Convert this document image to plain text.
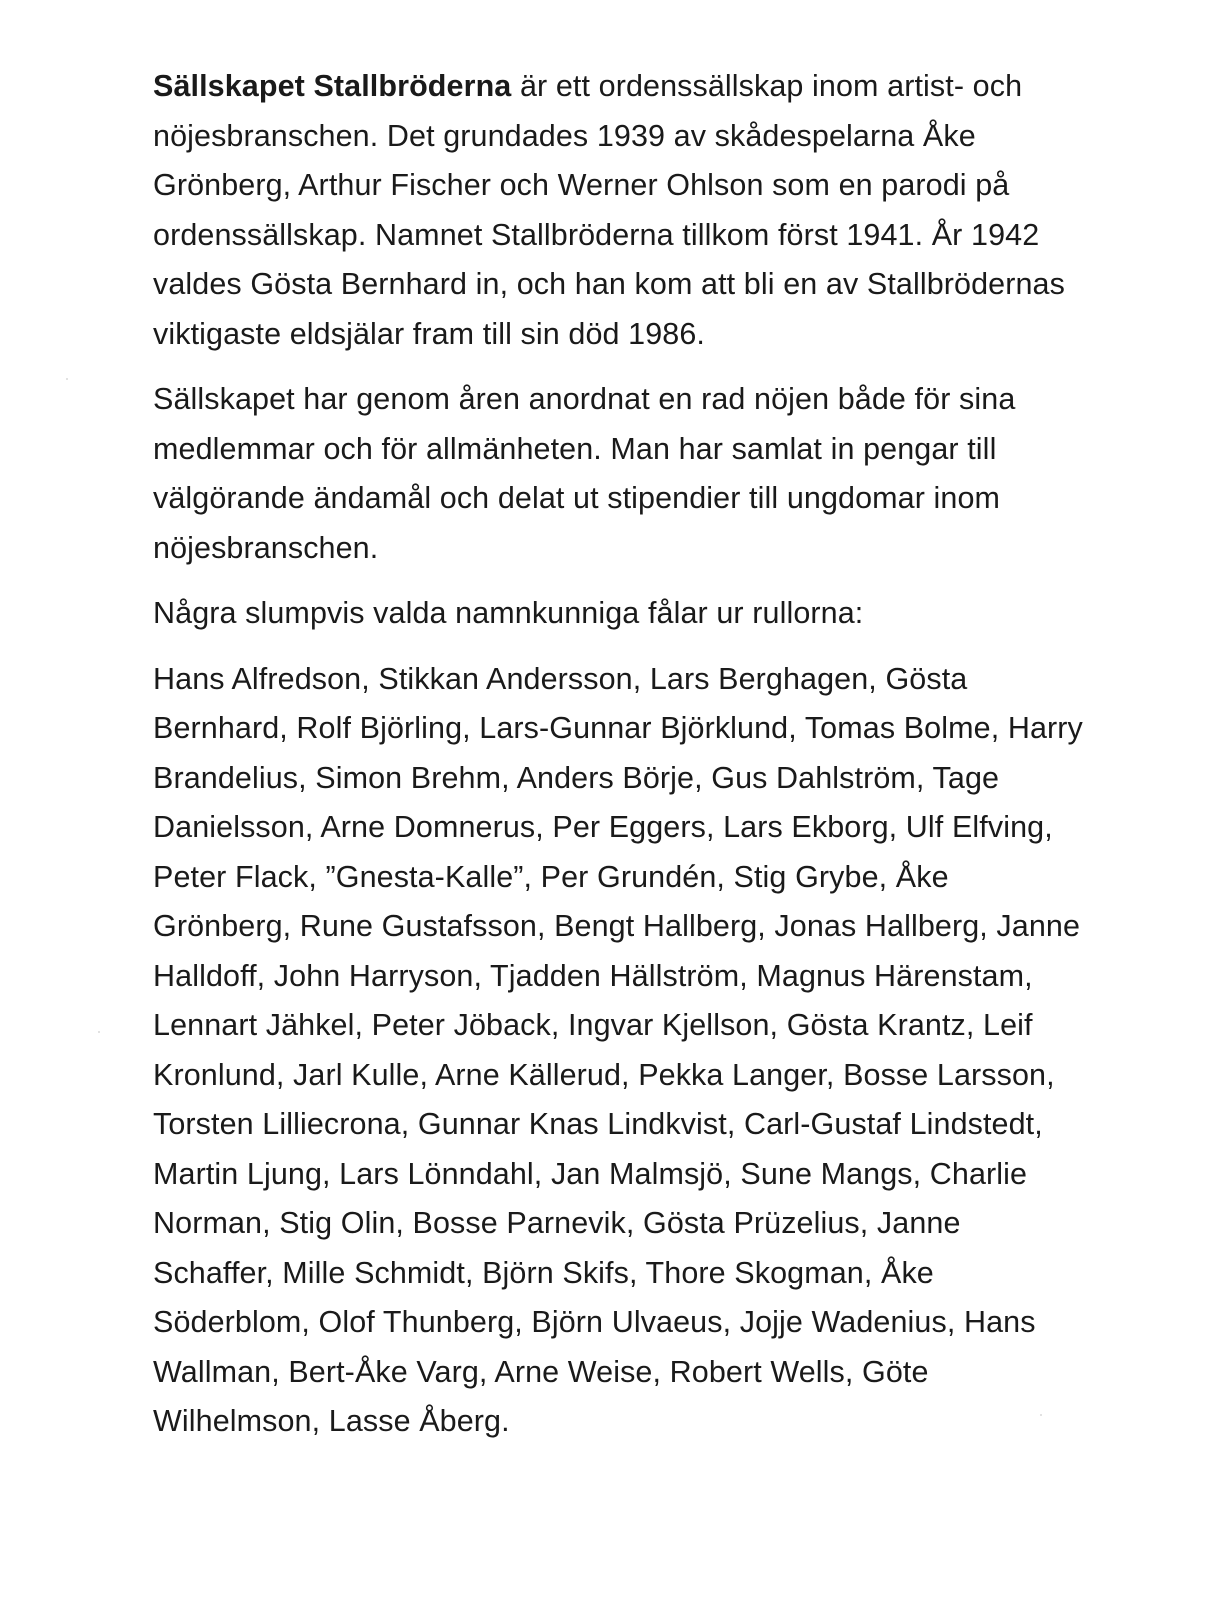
Sällskapet Stallbröderna är ett ordenssällskap inom artist- och nöjesbranschen. Det grundades 1939 av skådespelarna Åke Grönberg, Arthur Fischer och Werner Ohlson som en parodi på ordenssällskap. Namnet Stallbröderna tillkom först 1941. År 1942 valdes Gösta Bernhard in, och han kom att bli en av Stallbrödernas viktigaste eldsjälar fram till sin död 1986.

Sällskapet har genom åren anordnat en rad nöjen både för sina medlemmar och för allmänheten. Man har samlat in pengar till välgörande ändamål och delat ut stipendier till ungdomar inom nöjesbranschen.

Några slumpvis valda namnkunniga fålar ur rullorna:

Hans Alfredson, Stikkan Andersson, Lars Berghagen, Gösta Bernhard, Rolf Björling, Lars-Gunnar Björklund, Tomas Bolme, Harry Brandelius, Simon Brehm, Anders Börje, Gus Dahlström, Tage Danielsson, Arne Domnerus, Per Eggers, Lars Ekborg, Ulf Elfving, Peter Flack, ”Gnesta-Kalle”, Per Grundén, Stig Grybe, Åke Grönberg, Rune Gustafsson, Bengt Hallberg, Jonas Hallberg, Janne Halldoff, John Harryson, Tjadden Hällström, Magnus Härenstam, Lennart Jähkel, Peter Jöback, Ingvar Kjellson, Gösta Krantz, Leif Kronlund, Jarl Kulle, Arne Källerud, Pekka Langer, Bosse Larsson, Torsten Lilliecrona, Gunnar Knas Lindkvist, Carl-Gustaf Lindstedt, Martin Ljung, Lars Lönndahl, Jan Malmsjö, Sune Mangs, Charlie Norman, Stig Olin, Bosse Parnevik, Gösta Prüzelius, Janne Schaffer, Mille Schmidt, Björn Skifs, Thore Skogman, Åke Söderblom, Olof Thunberg, Björn Ulvaeus, Jojje Wadenius, Hans Wallman, Bert-Åke Varg, Arne Weise, Robert Wells, Göte Wilhelmson, Lasse Åberg.
